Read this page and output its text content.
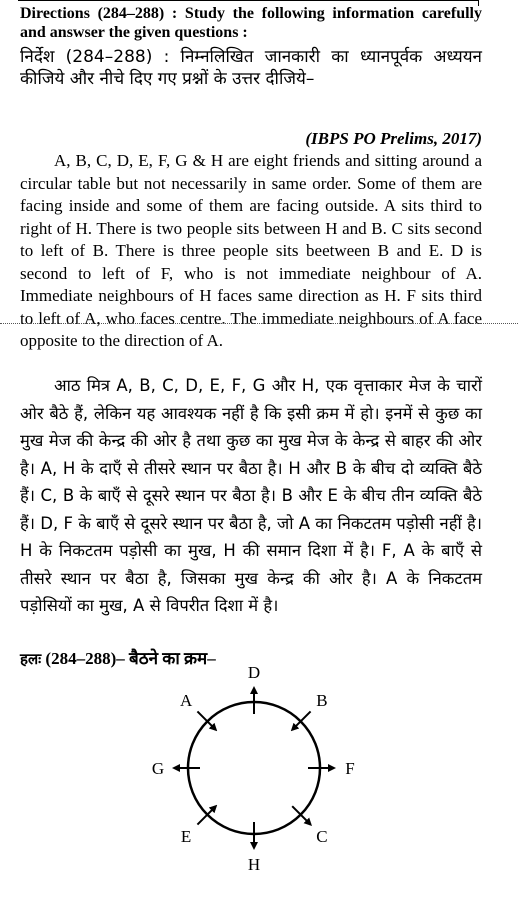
Directions (284–288) : Study the following information carefully and answser the given questions :

निर्देश (284–288) : निम्नलिखित जानकारी का ध्यानपूर्वक अध्ययन कीजिये और नीचे दिए गए प्रश्नों के उत्तर दीजिये–

(IBPS PO Prelims, 2017)

A, B, C, D, E, F, G & H are eight friends and sitting around a circular table but not necessarily in same order. Some of them are facing inside and some of them are facing outside. A sits third to right of H. There is two people sits between H and B. C sits second to left of B. There is three people sits beetween B and E. D is second to left of F, who is not immediate neighbour of A. Immediate neighbours of H faces same direction as H. F sits third to left of A, who faces centre. The immediate neighbours of A face opposite to the direction of A.

आठ मित्र A, B, C, D, E, F, G और H, एक वृत्ताकार मेज के चारों ओर बैठे हैं, लेकिन यह आवश्यक नहीं है कि इसी क्रम में हो। इनमें से कुछ का मुख मेज की केन्द्र की ओर है तथा कुछ का मुख मेज के केन्द्र से बाहर की ओर है। A, H के दाएँ से तीसरे स्थान पर बैठा है। H और B के बीच दो व्यक्ति बैठे हैं। C, B के बाएँ से दूसरे स्थान पर बैठा है। B और E के बीच तीन व्यक्ति बैठे हैं। D, F के बाएँ से दूसरे स्थान पर बैठा है, जो A का निकटतम पड़ोसी नहीं है। H के निकटतम पड़ोसी का मुख, H की समान दिशा में है। F, A के बाएँ से तीसरे स्थान पर बैठा है, जिसका मुख केन्द्र की ओर है। A के निकटतम पड़ोसियों का मुख, A से विपरीत दिशा में है।

हलः (284–288)– बैठने का क्रम–
D
B
F
C
H
E
G
A
